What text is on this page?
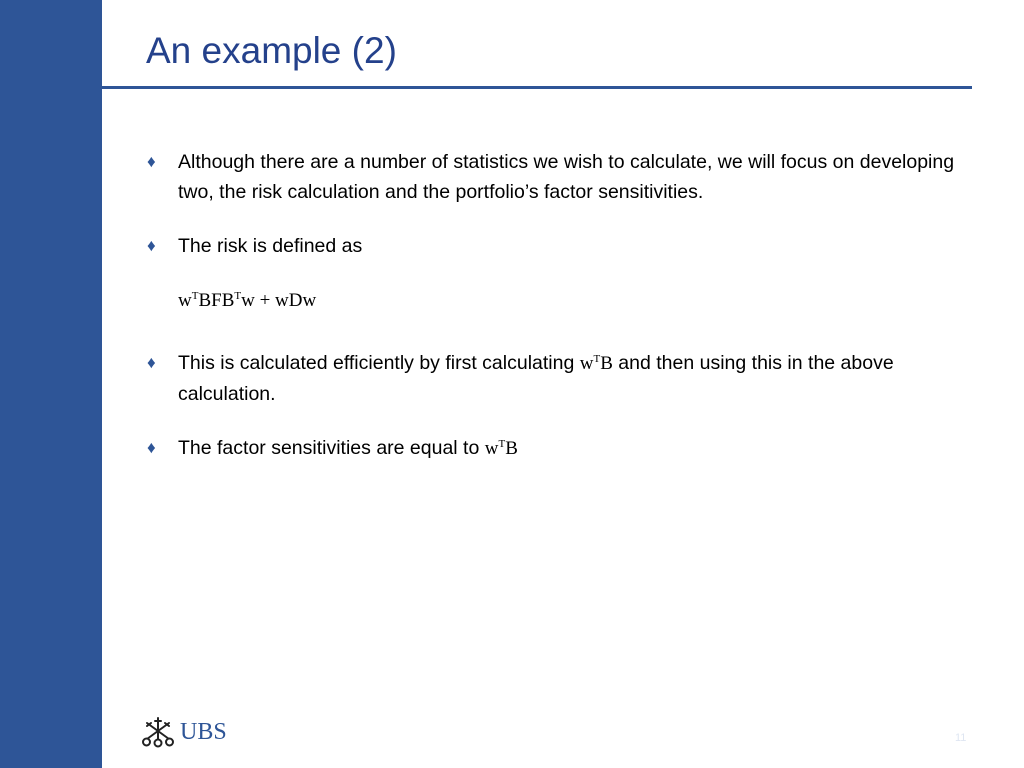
An example (2)
♦	Although there are a number of statistics we wish to calculate, we will focus on developing two, the risk calculation and the portfolio’s factor sensitivities.
♦	The risk is defined as
$w^TBFB^Tw$ + wDw
♦	This is calculated efficiently by first calculating $w^TB$ and then using this in the above calculation.
♦	The factor sensitivities are equal to $w^TB$
UBS	11
